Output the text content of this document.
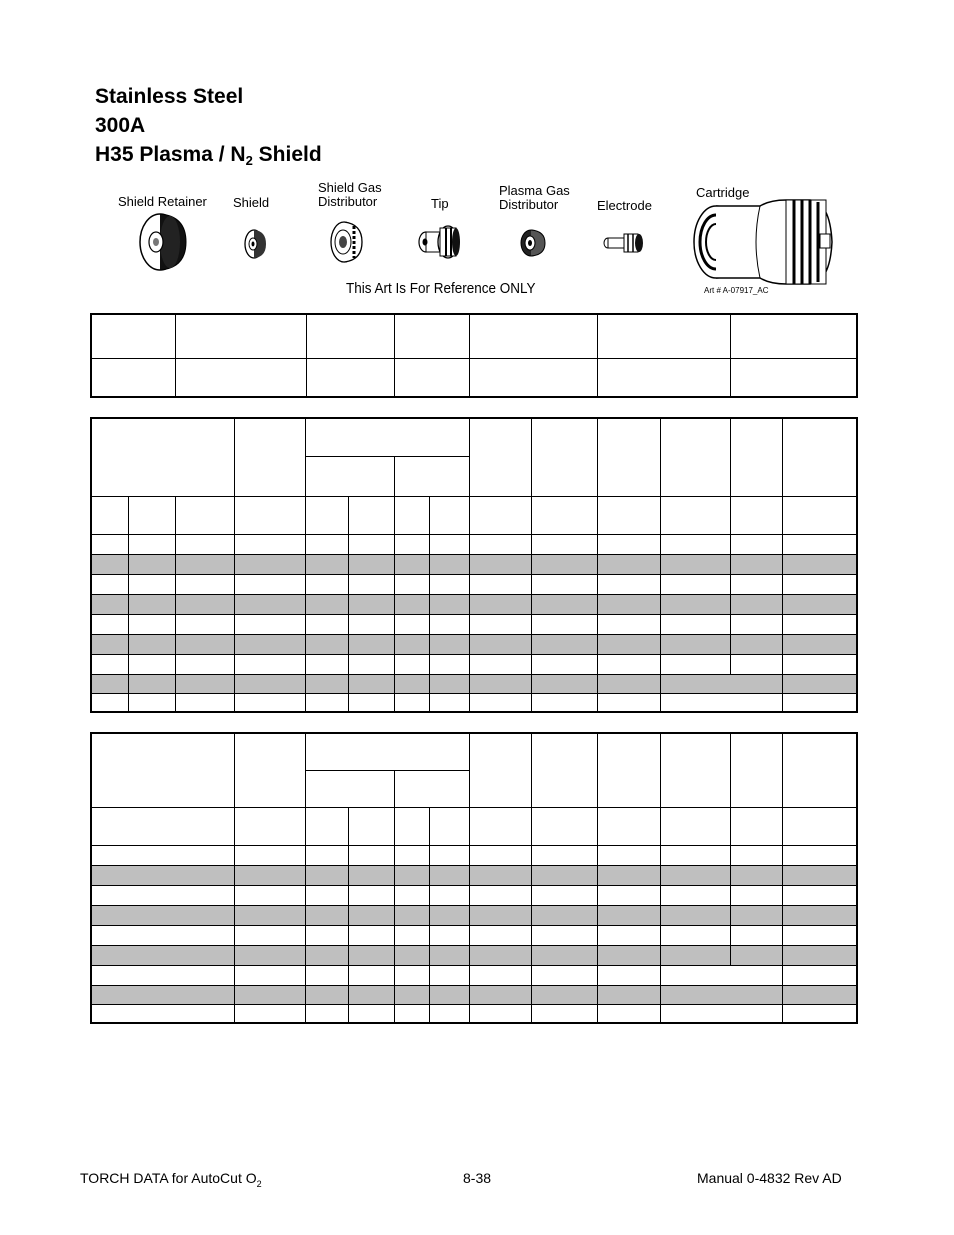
Stainless Steel
300A
H35 Plasma / $N_2$ Shield
Shield Retainer Shield
Shield Gas
Distributor	Tip
Plasma Gas
Distributor	Electrode
Cartridge
This Art Is For Reference ONLY	Art # A-07917_AC

TORCH DATA for AutoCut $O_2$	8-38	Manual 0-4832 Rev AD
